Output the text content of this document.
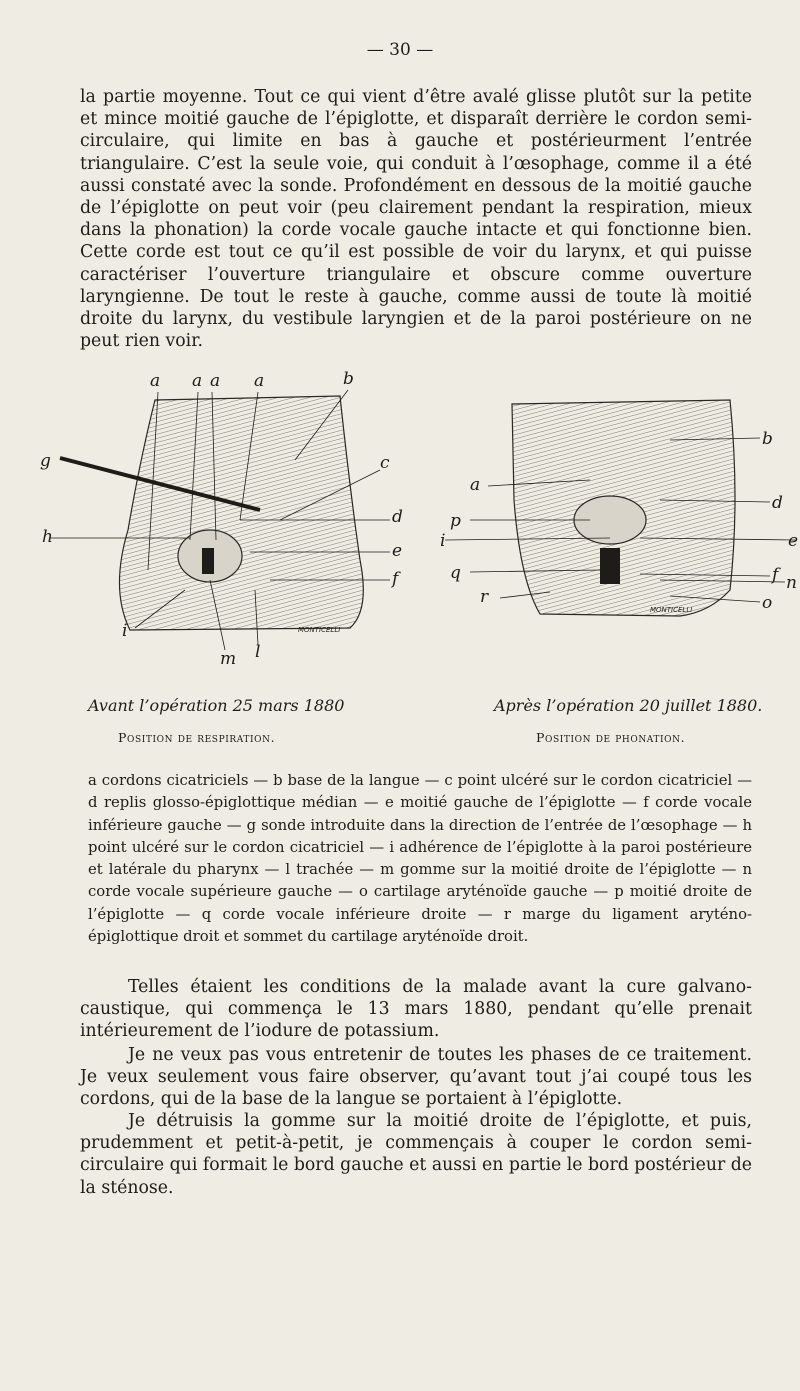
— 30 —

la partie moyenne. Tout ce qui vient d’être avalé glisse plutôt sur la petite et mince moitié gauche de l’épiglotte, et disparaît derrière le cordon semi-circulaire, qui limite en bas à gauche et postérieurment l’entrée triangulaire. C’est la seule voie, qui conduit à l’œsophage, comme il a été aussi constaté avec la sonde. Profondément en dessous de la moitié gauche de l’épiglotte on peut voir (peu clairement pendant la respiration, mieux dans la phonation) la corde vocale gauche intacte et qui fonctionne bien. Cette corde est tout ce qu’il est possible de voir du larynx, et qui puisse caractériser l’ouverture triangulaire et obscure comme ouverture laryngienne. De tout le reste à gauche, comme aussi de toute là moitié droite du larynx, du vestibule laryngien et de la paroi postérieure on ne peut rien voir.

a a a a	b
c
d
e
f
g
h
i
l
m
MONTICELLI
Avant l’opération 25 mars 1880
Position de respiration.
b
a
d
p
i	e
q	f n
r	o
MONTICELLI
Après l’opération 20 juillet 1880.
Position de phonation.

a cordons cicatriciels — b base de la langue — c point ulcéré sur le cordon cicatriciel — d replis glosso-épiglottique médian — e moitié gauche de l’épiglotte — f corde vocale inférieure gauche — g sonde introduite dans la direction de l’entrée de l’œsophage — h point ulcéré sur le cordon cicatriciel — i adhérence de l’épiglotte à la paroi postérieure et latérale du pharynx — l trachée — m gomme sur la moitié droite de l’épiglotte — n corde vocale supérieure gauche — o cartilage aryténoïde gauche — p moitié droite de l’épiglotte — q corde vocale inférieure droite — r marge du ligament aryténo-épiglottique droit et sommet du cartilage aryténoïde droit.

Telles étaient les conditions de la malade avant la cure galvano-caustique, qui commença le 13 mars 1880, pendant qu’elle prenait intérieurement de l’iodure de potassium.

Je ne veux pas vous entretenir de toutes les phases de ce traitement. Je veux seulement vous faire observer, qu’avant tout j’ai coupé tous les cordons, qui de la base de la langue se portaient à l’épiglotte.

Je détruisis la gomme sur la moitié droite de l’épiglotte, et puis, prudemment et petit-à-petit, je commençais à couper le cordon semi-circulaire qui formait le bord gauche et aussi en partie le bord postérieur de la sténose.
